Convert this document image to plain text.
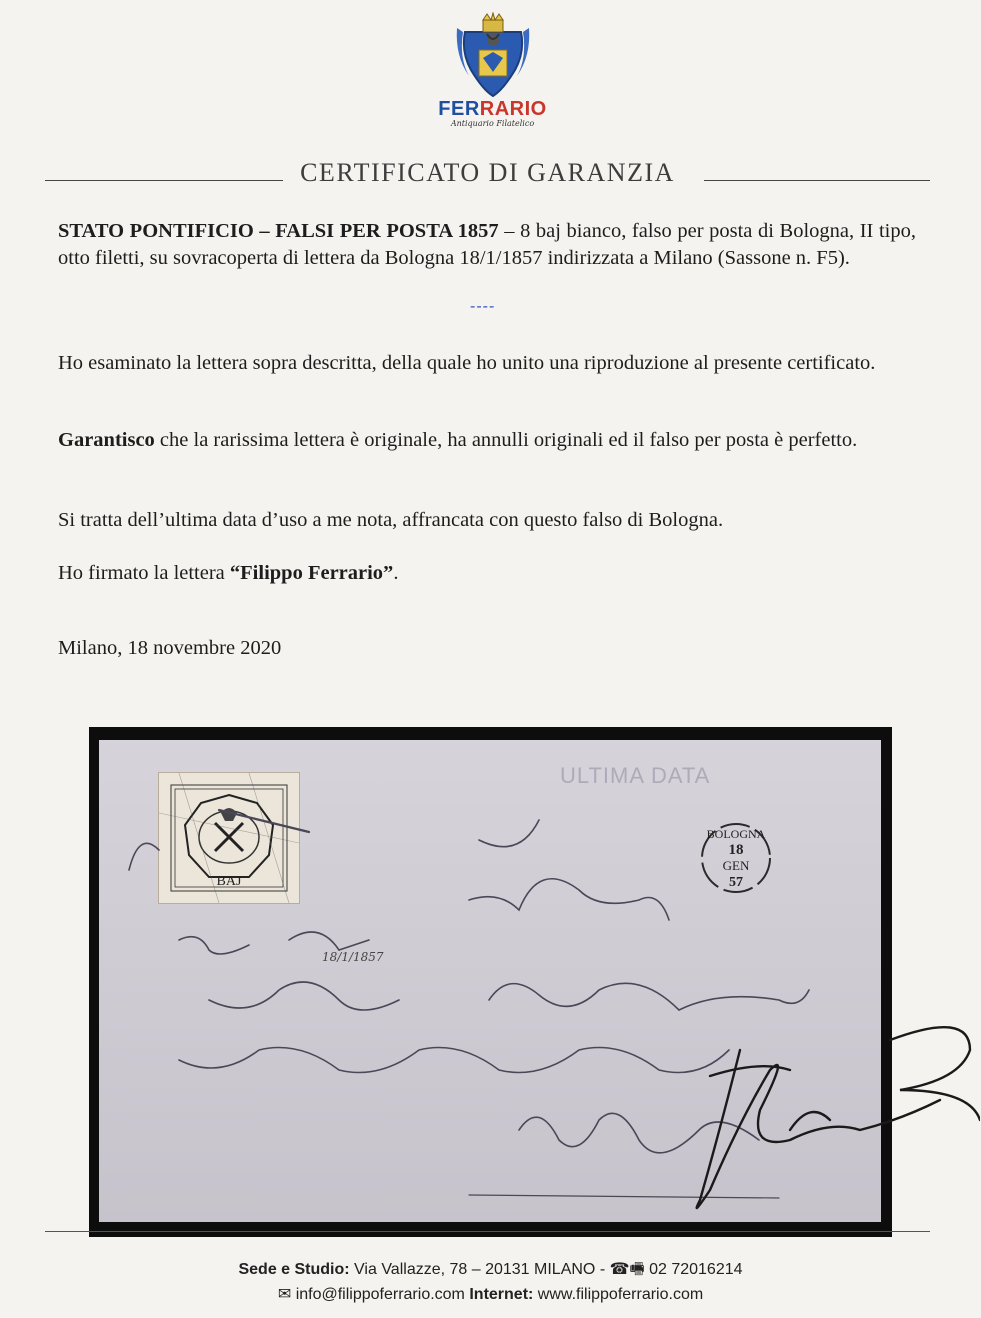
FERRARIO
Antiquario Filatelico
CERTIFICATO DI GARANZIA
STATO PONTIFICIO – FALSI PER POSTA 1857 – 8 baj bianco, falso per posta di Bologna, II tipo, otto filetti, su sovracoperta di lettera da Bologna 18/1/1857 indirizzata a Milano (Sassone n. F5).
----
Ho esaminato la lettera sopra descritta, della quale ho unito una riproduzione al presente certificato.
Garantisco che la rarissima lettera è originale, ha annulli originali ed il falso per posta è perfetto.
Si tratta dell’ultima data d’uso a me nota, affrancata con questo falso di Bologna.
Ho firmato la lettera “Filippo Ferrario”.
Milano, 18 novembre 2020
ULTIMA DATA
BAJ
BOLOGNA
18
GEN
57
18/1/1857
Sede e Studio: Via Vallazze, 78 – 20131 MILANO - ☎🖷 02 72016214
✉ info@filippoferrario.com Internet: www.filippoferrario.com
